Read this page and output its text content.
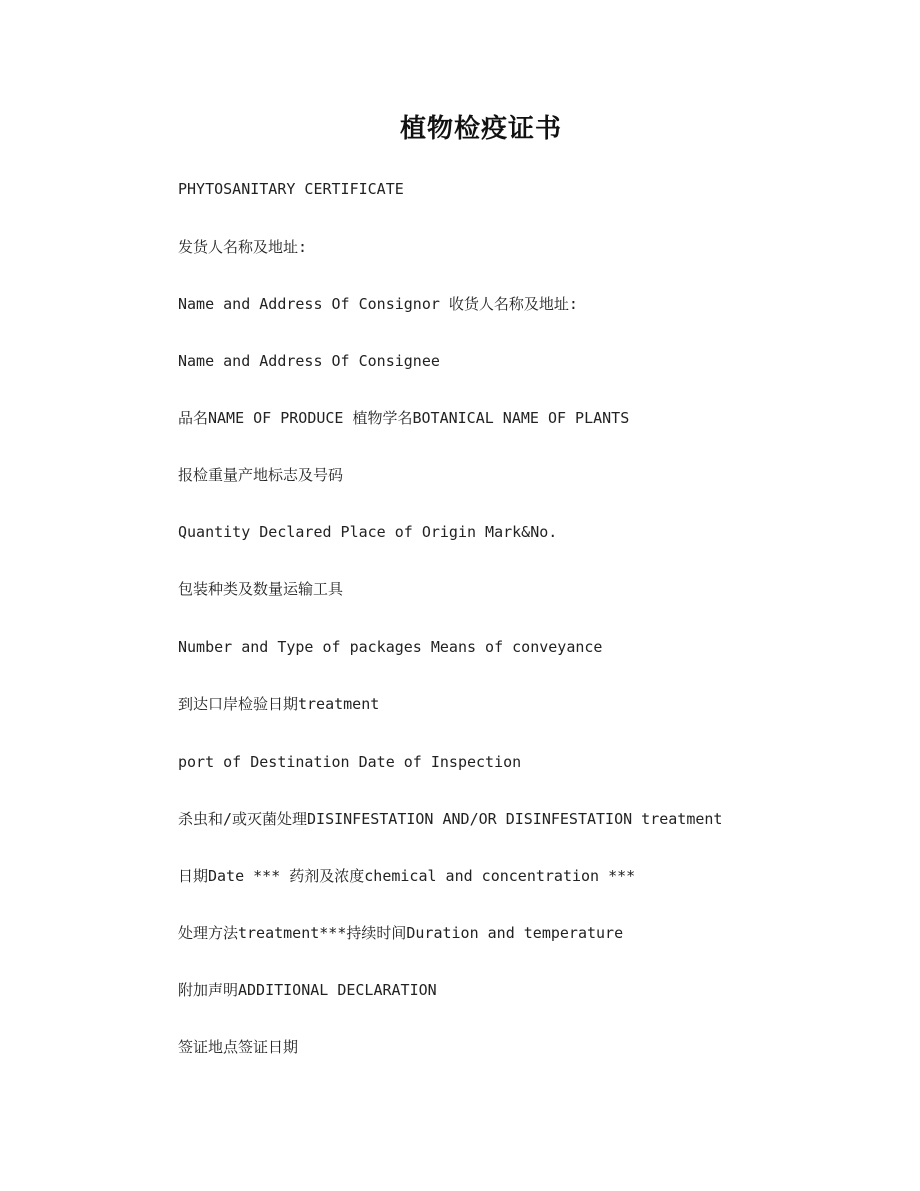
植物检疫证书
PHYTOSANITARY CERTIFICATE
发货人名称及地址:
Name and Address Of Consignor 收货人名称及地址:
Name and Address Of Consignee
品名NAME OF PRODUCE 植物学名BOTANICAL NAME OF PLANTS
报检重量产地标志及号码
Quantity Declared Place of Origin Mark&No.
包装种类及数量运输工具
Number and Type of packages Means of conveyance
到达口岸检验日期treatment
port of Destination Date of Inspection
杀虫和/或灭菌处理DISINFESTATION AND/OR DISINFESTATION treatment
日期Date *** 药剂及浓度chemical and concentration ***
处理方法treatment***持续时间Duration and temperature
附加声明ADDITIONAL DECLARATION
签证地点签证日期
